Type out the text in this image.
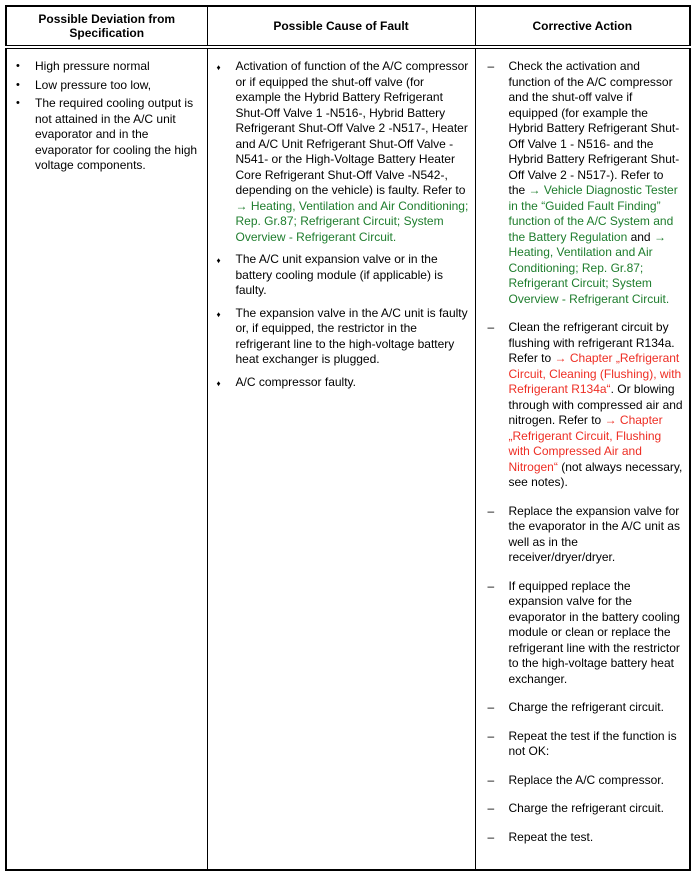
Possible Deviation from Specification	Possible Cause of Fault	Corrective Action

•	High pressure normal
•	Low pressure too low,
•	The required cooling output is not attained in the A/C unit evaporator and in the evaporator for cooling the high voltage components.

♦	Activation of function of the A/C compressor or if equipped the shut-off valve (for example the Hybrid Battery Refrigerant Shut-Off Valve 1 -N516-, Hybrid Battery Refrigerant Shut-Off Valve 2 -N517-, Heater and A/C Unit Refrigerant Shut-Off Valve -N541- or the High-Voltage Battery Heater Core Refrigerant Shut-Off Valve -N542-, depending on the vehicle) is faulty. Refer to → Heating, Ventilation and Air Conditioning; Rep. Gr.87; Refrigerant Circuit; System Overview - Refrigerant Circuit.
♦	The A/C unit expansion valve or in the battery cooling module (if applicable) is faulty.
♦	The expansion valve in the A/C unit is faulty or, if equipped, the restrictor in the refrigerant line to the high-voltage battery heat exchanger is plugged.
♦	A/C compressor faulty.

–	Check the activation and function of the A/C compressor and the shut-off valve if equipped (for example the Hybrid Battery Refrigerant Shut-Off Valve 1 - N516- and the Hybrid Battery Refrigerant Shut-Off Valve 2 - N517-). Refer to the → Vehicle Diagnostic Tester in the “Guided Fault Finding” function of the A/C System and the Battery Regulation and → Heating, Ventilation and Air Conditioning; Rep. Gr.87; Refrigerant Circuit; System Overview - Refrigerant Circuit.
–	Clean the refrigerant circuit by flushing with refrigerant R134a. Refer to → Chapter „Refrigerant Circuit, Cleaning (Flushing), with Refrigerant R134a“. Or blowing through with compressed air and nitrogen. Refer to → Chapter „Refrigerant Circuit, Flushing with Compressed Air and Nitrogen“ (not always necessary, see notes).
–	Replace the expansion valve for the evaporator in the A/C unit as well as in the receiver/dryer/dryer.
–	If equipped replace the expansion valve for the evaporator in the battery cooling module or clean or replace the refrigerant line with the restrictor to the high-voltage battery heat exchanger.
–	Charge the refrigerant circuit.
–	Repeat the test if the function is not OK:
–	Replace the A/C compressor.
–	Charge the refrigerant circuit.
–	Repeat the test.
